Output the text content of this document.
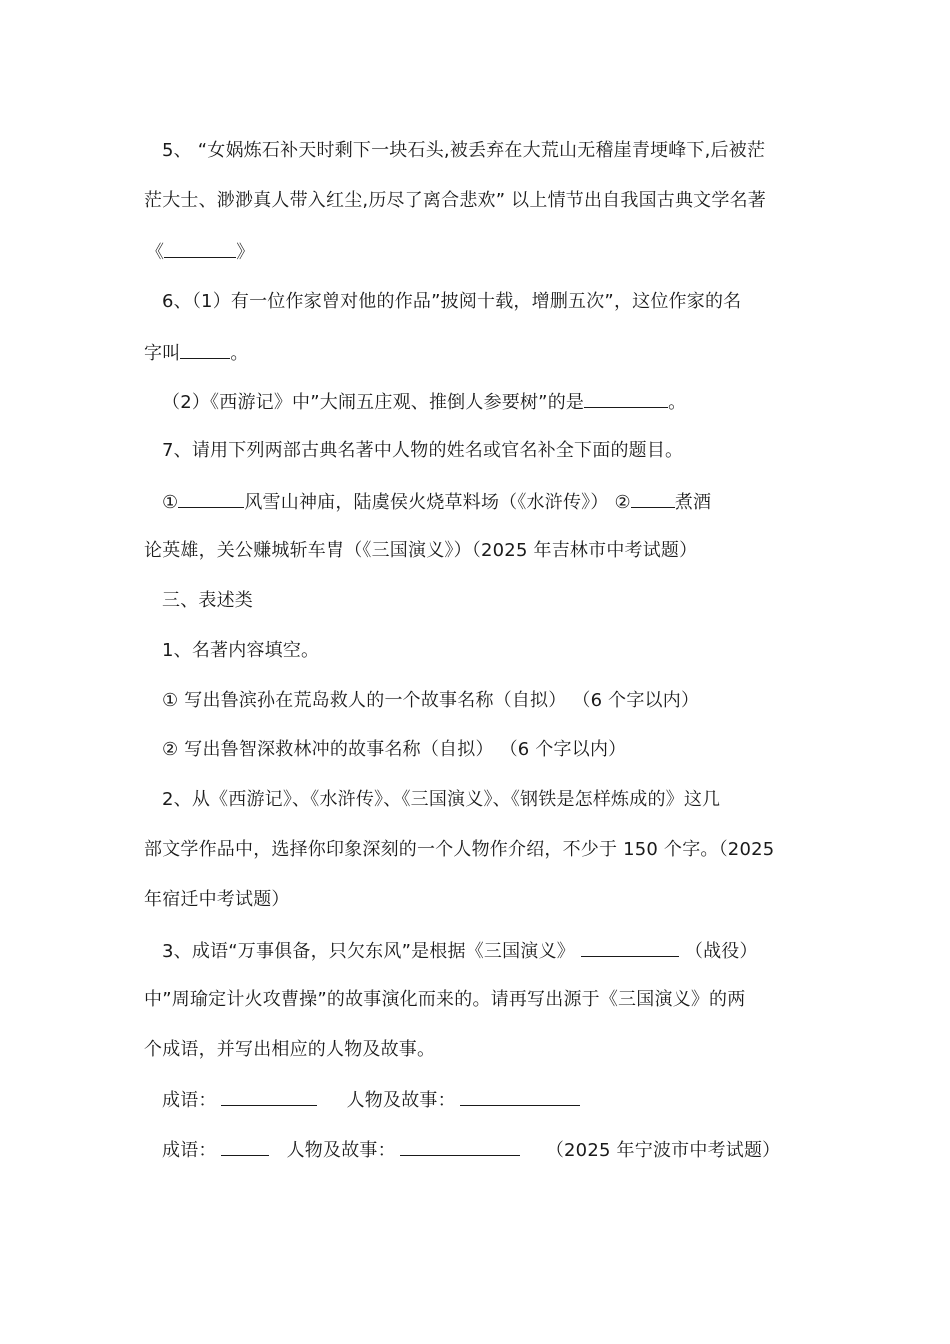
5、 “女娲炼石补天时剩下一块石头,被丢弃在大荒山无稽崖青埂峰下,后被茫
茫大士、渺渺真人带入红尘,历尽了离合悲欢” 以上情节出自我国古典文学名著
《	》
6、（1）有一位作家曾对他的作品”披阅十载，增删五次”，这位作家的名
字叫	。
（2）《西游记》中”大闹五庄观、推倒人参要树”的是	。
7、请用下列两部古典名著中人物的姓名或官名补全下面的题目。
①	风雪山神庙，陆虞侯火烧草料场（《水浒传》） ② 煮酒
论英雄，关公赚城斩车胄（《三国演义》）（2025 年吉林市中考试题）
三、表述类
1、名著内容填空。
① 写出鲁滨孙在荒岛救人的一个故事名称（自拟） （6 个字以内）
② 写出鲁智深救林冲的故事名称（自拟） （6 个字以内）
2、从《西游记》、《水浒传》、《三国演义》、《钢铁是怎样炼成的》这几
部文学作品中，选择你印象深刻的一个人物作介绍，不少于 150 个字。（2025
年宿迁中考试题）
3、成语“万事俱备，只欠东风”是根据《三国演义》	（战役）
中”周瑜定计火攻曹操”的故事演化而来的。请再写出源于《三国演义》的两
个成语，并写出相应的人物及故事。
成语：	人物及故事：
成语：	人物及故事：	（2025 年宁波市中考试题）
